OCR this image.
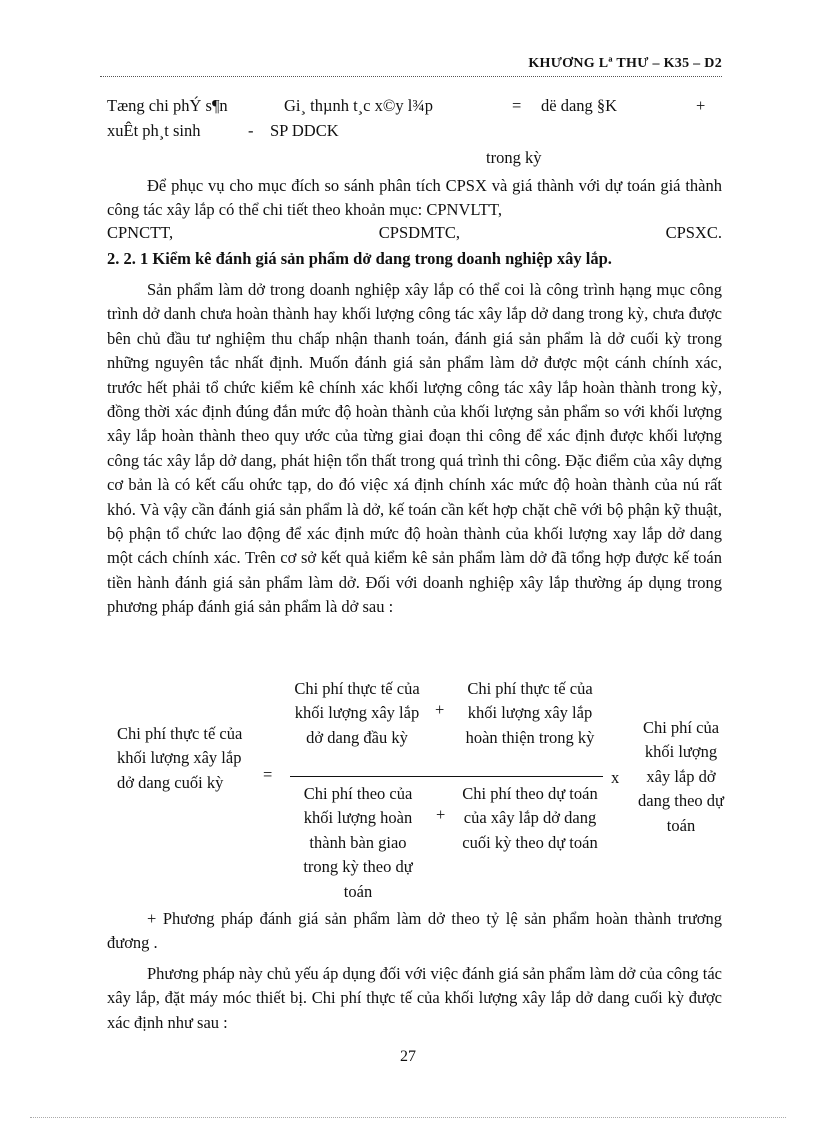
KHƯƠNG Lª THƯ – K35 – D2
Tæng chi phÝ s¶n	Gi¸ thµnh t¸c x©y l¾p	= dë dang §K	+
xuÊt ph¸t sinh	- SP DDCK
trong kỳ
Để phục vụ cho mục đích so sánh phân tích CPSX và giá thành với dự toán giá thành công tác xây lắp có thể chi tiết theo khoản mục: CPNVLTT,
CPNCTT,	CPSDMTC,	CPSXC.
2. 2. 1 Kiểm kê đánh giá sản phẩm dở dang trong doanh nghiệp xây lắp.
Sản phẩm làm dở trong doanh nghiệp xây lắp có thể coi là công trình hạng mục công trình dở danh chưa hoàn thành hay khối lượng công tác xây lắp dở dang trong kỳ, chưa được bên chủ đầu tư nghiệm thu chấp nhận thanh toán, đánh giá sản phẩm là dở cuối kỳ trong những nguyên tắc nhất định. Muốn đánh giá sản phẩm làm dở được một cánh chính xác, trước hết phải tổ chức kiểm kê chính xác khối lượng công tác xây lắp hoàn thành trong kỳ, đồng thời xác định đúng đắn mức độ hoàn thành của khối lượng sản phẩm so với khối lượng xây lắp hoàn thành theo quy ước của từng giai đoạn thi công để xác định được khối lượng công tác xây lắp dở dang, phát hiện tổn thất trong quá trình thi công. Đặc điểm của xây dựng cơ bản là có kết cấu ohức tạp, do đó việc xá định chính xác mức độ hoàn thành của nú rất khó. Và vậy cần đánh giá sản phẩm là dở, kế toán cần kết hợp chặt chẽ với bộ phận kỹ thuật, bộ phận tổ chức lao động để xác định mức độ hoàn thành của khối lượng xay lắp dở dang một cách chính xác. Trên cơ sở kết quả kiểm kê sản phẩm làm dở đã tổng hợp được kế toán tiền hành đánh giá sản phẩm làm dở. Đối với doanh nghiệp xây lắp thường áp dụng trong phương pháp đánh giá sản phẩm là dở sau :
Chi phí thực tế của khối lượng xây lắp dở dang cuối kỳ	=
Chi phí thực tế của khối lượng xây lắp dở dang đầu kỳ
+
Chi phí thực tế của khối lượng xây lắp hoàn thiện trong kỳ
x
Chi phí theo của khối lượng hoàn thành bàn giao trong kỳ theo dự toán
+
Chi phí theo dự toán của xây lắp dở dang cuối kỳ theo dự toán
Chi phí của khối lượng xây lắp dở dang theo dự toán
+ Phương pháp đánh giá sản phẩm làm dở theo tỷ lệ sản phẩm hoàn thành trương đương .
Phương pháp này chủ yếu áp dụng đối với việc đánh giá sản phẩm làm dở của công tác xây lắp, đặt máy móc thiết bị. Chi phí thực tế của khối lượng xây lắp dở dang cuối kỳ được xác định như sau :
27
